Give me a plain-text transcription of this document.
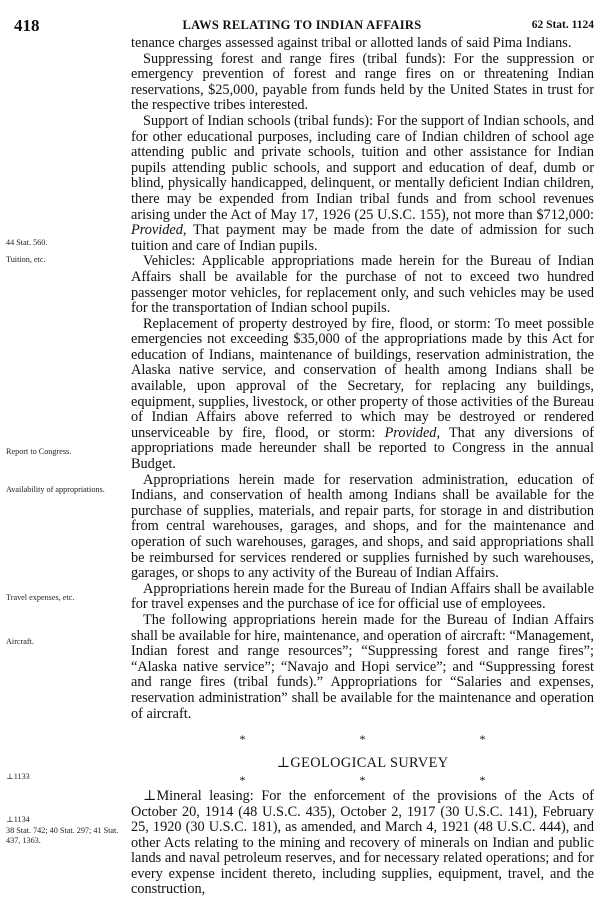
418	LAWS RELATING TO INDIAN AFFAIRS	62 Stat. 1124

tenance charges assessed against tribal or allotted lands of said Pima Indians.

Suppressing forest and range fires (tribal funds): For the suppression or emergency prevention of forest and range fires on or threatening Indian reservations, $25,000, payable from funds held by the United States in trust for the respective tribes interested.

Support of Indian schools (tribal funds): For the support of Indian schools, and for other educational purposes, including care of Indian children of school age attending public and private schools, tuition and other assistance for Indian pupils attending public schools, and support and education of deaf, dumb or blind, physically handicapped, delinquent, or mentally deficient Indian children, there may be expended from Indian tribal funds and from school revenues arising under the Act of May 17, 1926 (25 U.S.C. 155), not more than $712,000: Provided, That payment may be made from the date of admission for such tuition and care of Indian pupils.

Vehicles: Applicable appropriations made herein for the Bureau of Indian Affairs shall be available for the purchase of not to exceed two hundred passenger motor vehicles, for replacement only, and such vehicles may be used for the transportation of Indian school pupils.

Replacement of property destroyed by fire, flood, or storm: To meet possible emergencies not exceeding $35,000 of the appropriations made by this Act for education of Indians, maintenance of buildings, reservation administration, the Alaska native service, and conservation of health among Indians shall be available, upon approval of the Secretary, for replacing any buildings, equipment, supplies, livestock, or other property of those activities of the Bureau of Indian Affairs above referred to which may be destroyed or rendered unserviceable by fire, flood, or storm: Provided, That any diversions of appropriations made hereunder shall be reported to Congress in the annual Budget.

Appropriations herein made for reservation administration, education of Indians, and conservation of health among Indians shall be available for the purchase of supplies, materials, and repair parts, for storage in and distribution from central warehouses, garages, and shops, and for the maintenance and operation of such warehouses, garages, and shops, and said appropriations shall be reimbursed for services rendered or supplies furnished by such warehouses, garages, or shops to any activity of the Bureau of Indian Affairs.

Appropriations herein made for the Bureau of Indian Affairs shall be available for travel expenses and the purchase of ice for official use of employees.

The following appropriations herein made for the Bureau of Indian Affairs shall be available for hire, maintenance, and operation of aircraft: “Management, Indian forest and range resources”; “Suppressing forest and range fires”; “Alaska native service”; “Navajo and Hopi service”; and “Suppressing forest and range fires (tribal funds).” Appropriations for “Salaries and expenses, reservation administration” shall be available for the maintenance and operation of aircraft.

*	*	*
⊥GEOLOGICAL SURVEY
*	*	*

⊥Mineral leasing: For the enforcement of the provisions of the Acts of October 20, 1914 (48 U.S.C. 435), October 2, 1917 (30 U.S.C. 141), February 25, 1920 (30 U.S.C. 181), as amended, and March 4, 1921 (48 U.S.C. 444), and other Acts relating to the mining and recovery of minerals on Indian and public lands and naval petroleum reserves, and for necessary related operations; and for every expense incident thereto, including supplies, equipment, travel, and the construction,

44 Stat. 560.
Tuition, etc.
Report to Congress.
Availability of appropriations.
Travel expenses, etc.
Aircraft.
⊥1133
⊥1134
38 Stat. 742; 40 Stat. 297; 41 Stat. 437, 1363.
